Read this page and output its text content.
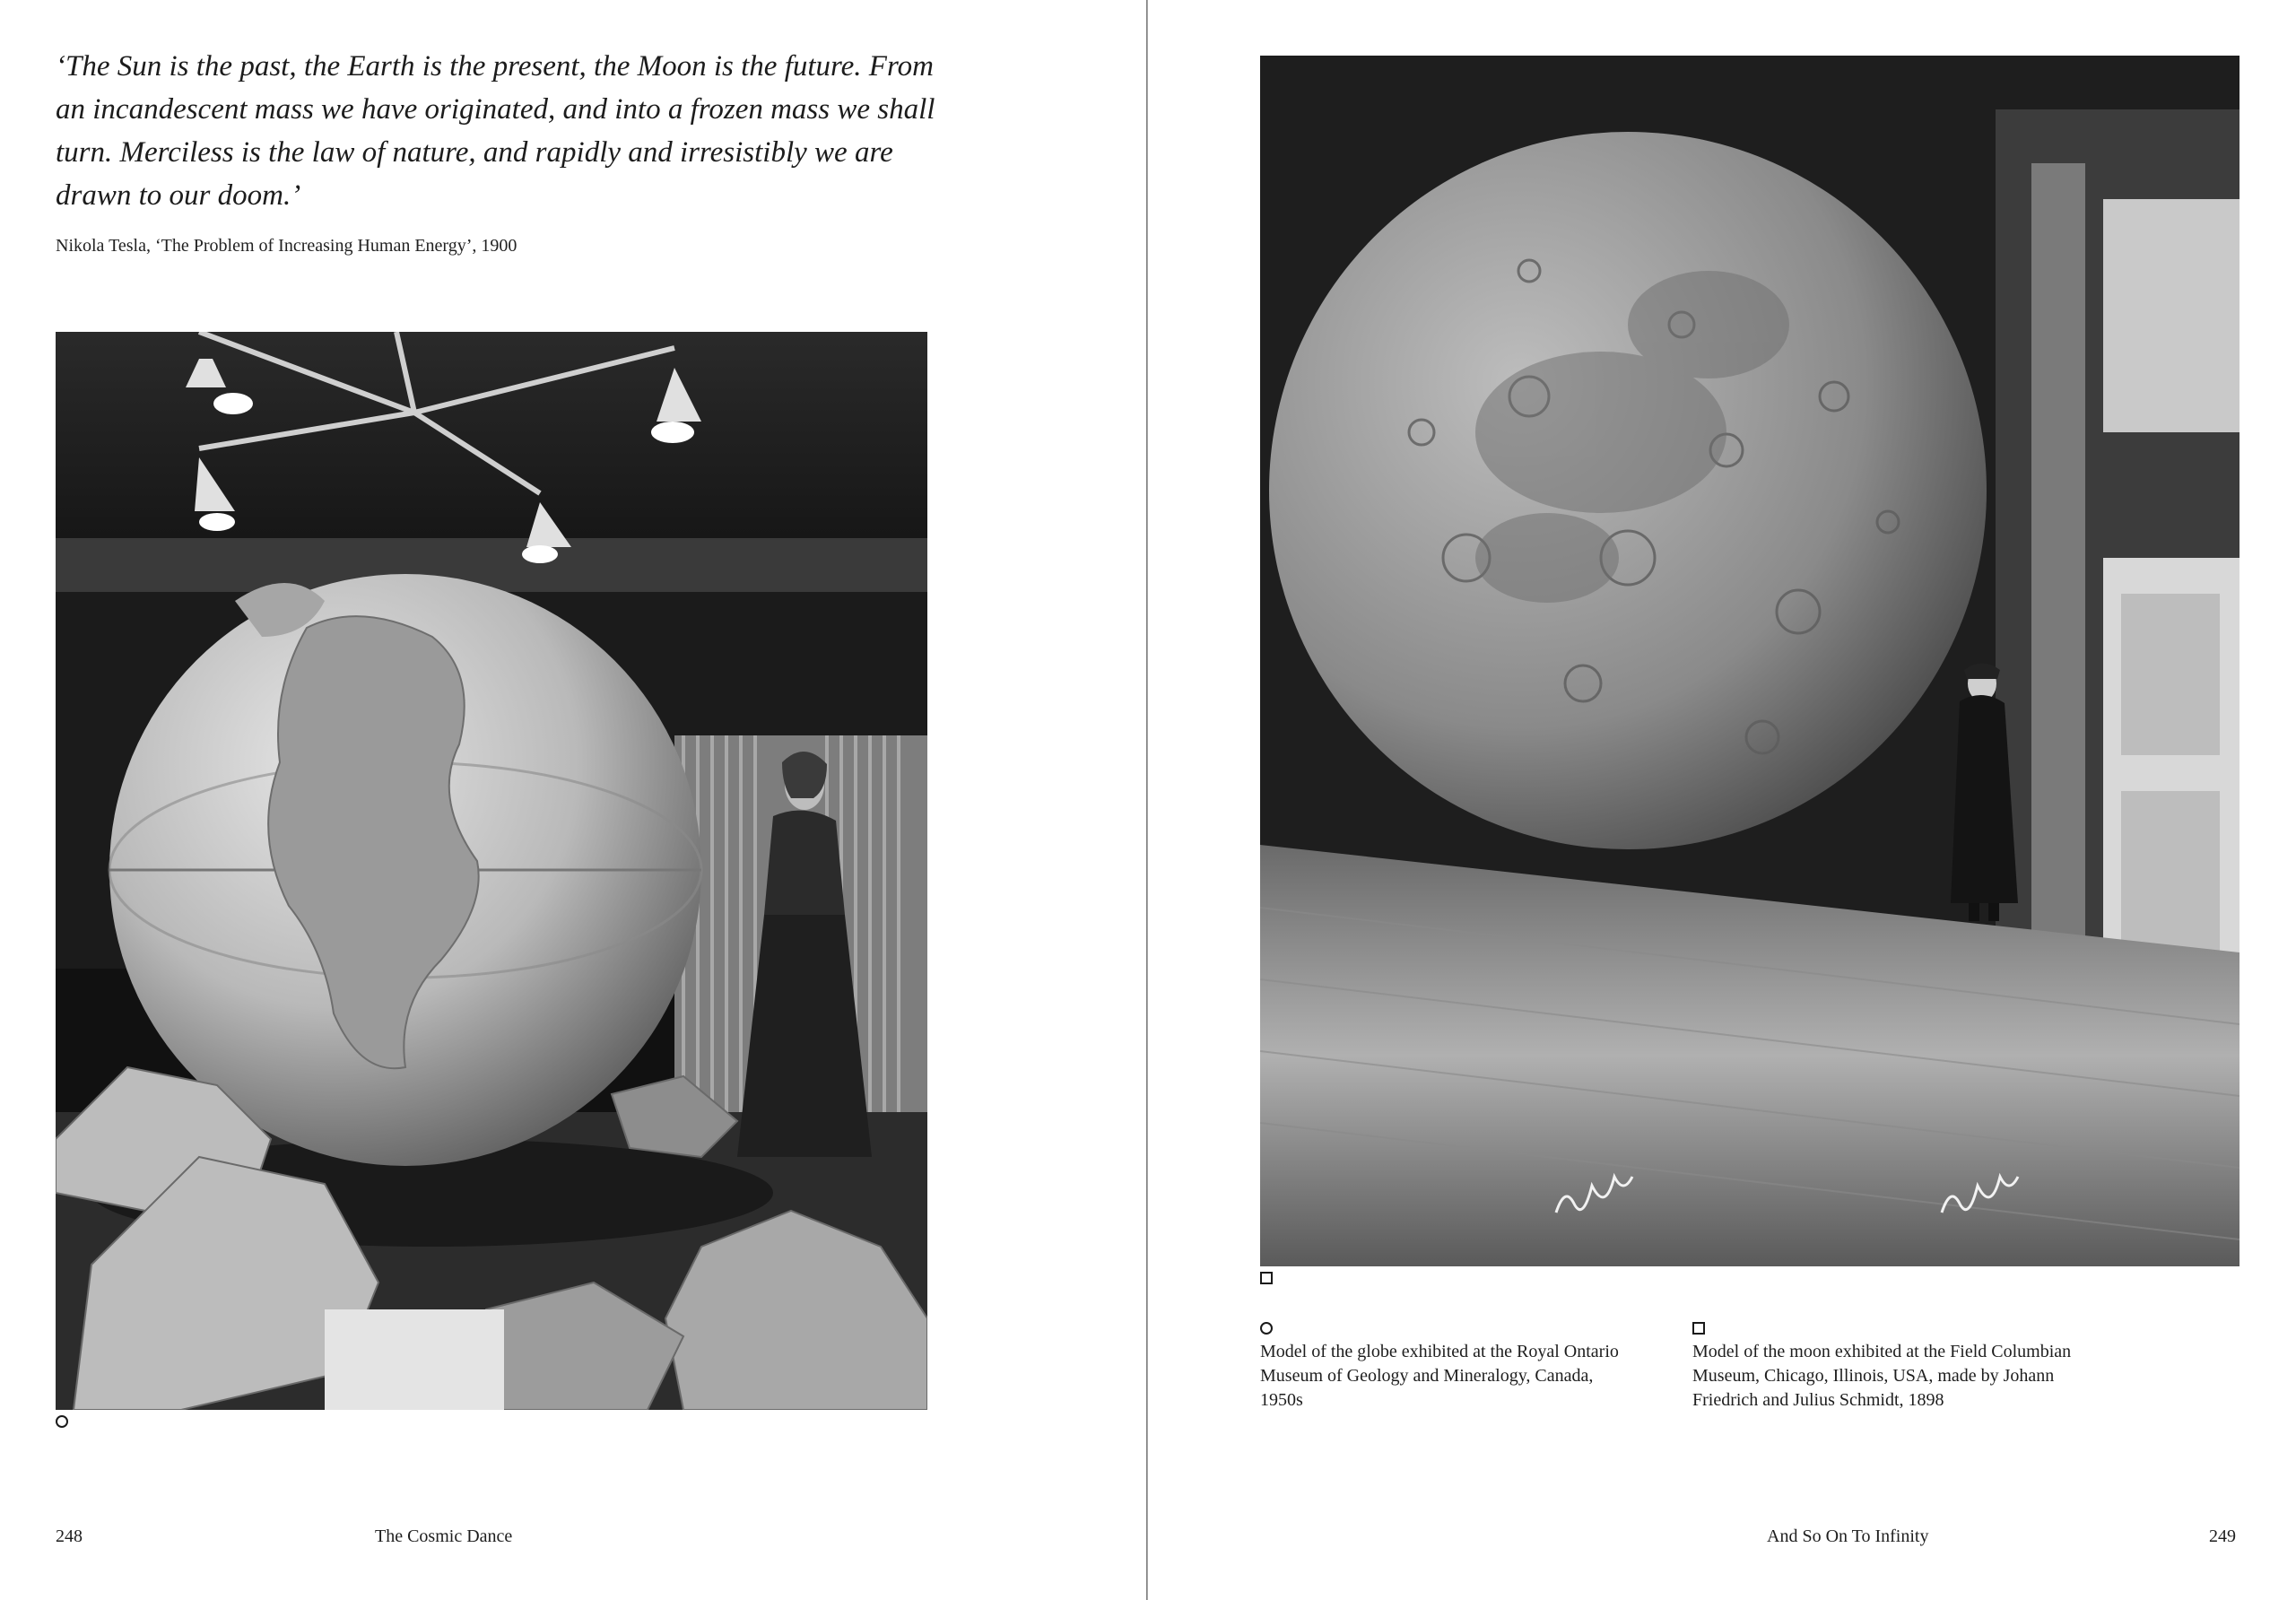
‘The Sun is the past, the Earth is the present, the Moon is the future. From an incandescent mass we have originated, and into a frozen mass we shall turn. Merciless is the law of nature, and rapidly and irresistibly we are drawn to our doom.’

Nikola Tesla, ‘The Problem of Increasing Human Energy’, 1900
248	The Cosmic Dance

Model of the globe exhibited at the Royal Ontario Museum of Geology and Mineralogy, Canada, 1950s

Model of the moon exhibited at the Field Columbian Museum, Chicago, Illinois, USA, made by Johann Friedrich and Julius Schmidt, 1898

And So On To Infinity	249
